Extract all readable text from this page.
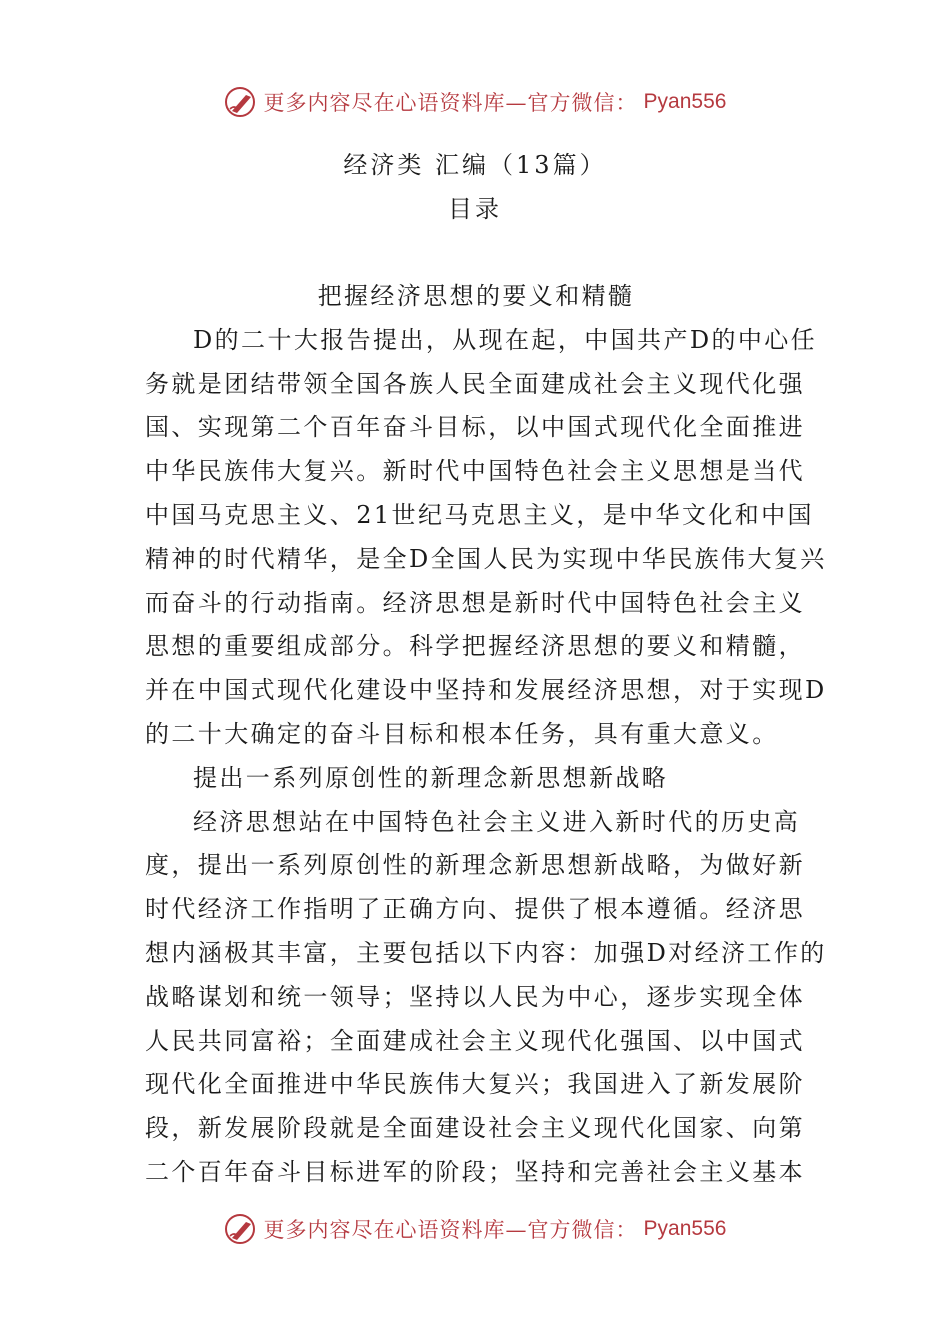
更多内容尽在心语资料库—官方微信： Pyan556
经济类 汇编（13篇）
目录
把握经济思想的要义和精髓
D的二十大报告提出，从现在起，中国共产D的中心任
务就是团结带领全国各族人民全面建成社会主义现代化强
国、实现第二个百年奋斗目标，以中国式现代化全面推进
中华民族伟大复兴。新时代中国特色社会主义思想是当代
中国马克思主义、21世纪马克思主义，是中华文化和中国
精神的时代精华，是全D全国人民为实现中华民族伟大复兴
而奋斗的行动指南。经济思想是新时代中国特色社会主义
思想的重要组成部分。科学把握经济思想的要义和精髓，
并在中国式现代化建设中坚持和发展经济思想，对于实现D
的二十大确定的奋斗目标和根本任务，具有重大意义。
提出一系列原创性的新理念新思想新战略
经济思想站在中国特色社会主义进入新时代的历史高
度，提出一系列原创性的新理念新思想新战略，为做好新
时代经济工作指明了正确方向、提供了根本遵循。经济思
想内涵极其丰富，主要包括以下内容：加强D对经济工作的
战略谋划和统一领导；坚持以人民为中心，逐步实现全体
人民共同富裕；全面建成社会主义现代化强国、以中国式
现代化全面推进中华民族伟大复兴；我国进入了新发展阶
段，新发展阶段就是全面建设社会主义现代化国家、向第
二个百年奋斗目标进军的阶段；坚持和完善社会主义基本
更多内容尽在心语资料库—官方微信： Pyan556
